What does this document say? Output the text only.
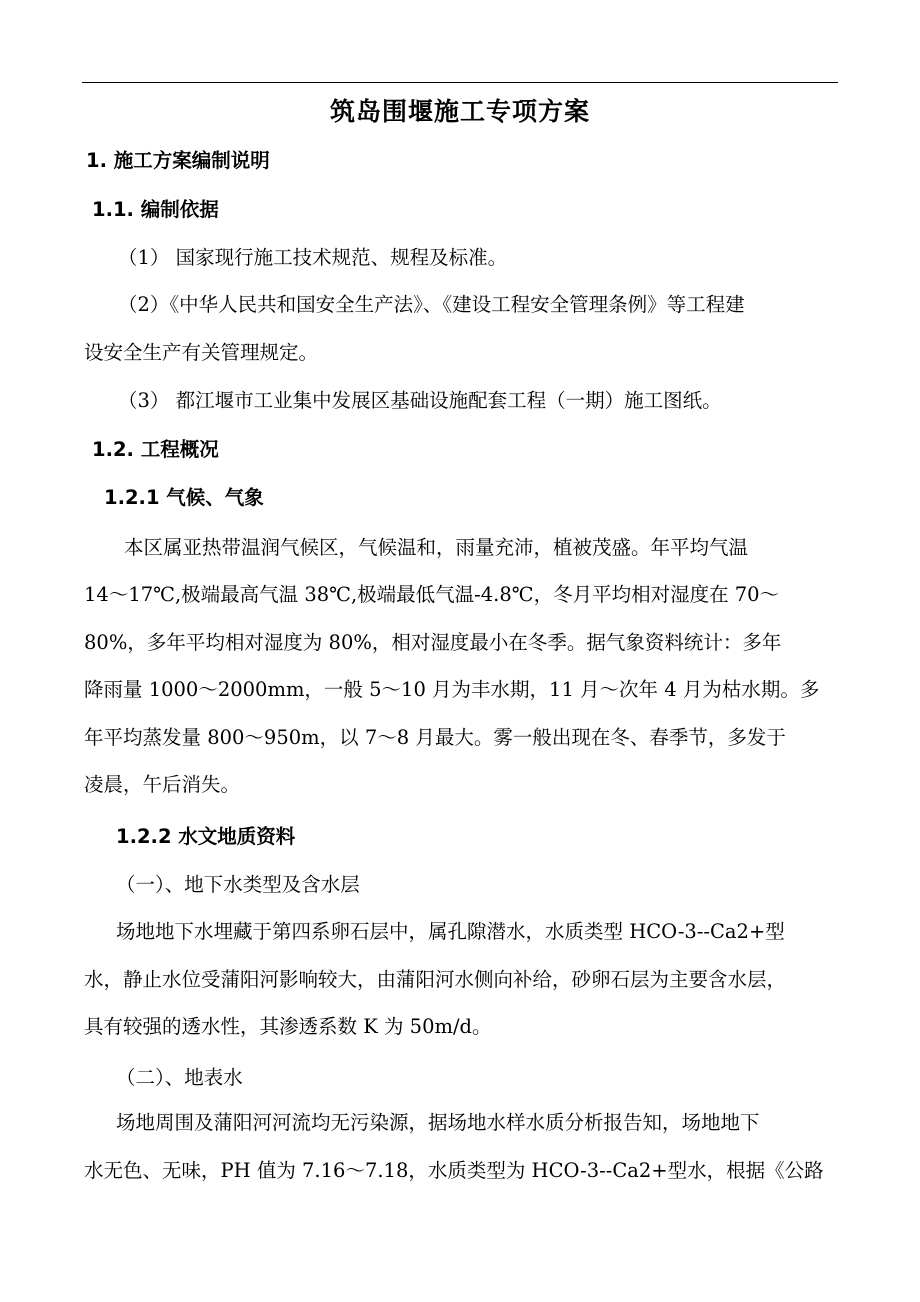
筑岛围堰施工专项方案
1. 施工方案编制说明
1.1. 编制依据
（1） 国家现行施工技术规范、规程及标准。
（2）《中华人民共和国安全生产法》、《建设工程安全管理条例》等工程建
设安全生产有关管理规定。
（3） 都江堰市工业集中发展区基础设施配套工程（一期）施工图纸。
1.2. 工程概况
1.2.1 气候、气象
本区属亚热带温润气候区，气候温和，雨量充沛，植被茂盛。年平均气温
14～17℃,极端最高气温 38℃,极端最低气温-4.8℃，冬月平均相对湿度在 70～
80%，多年平均相对湿度为 80%，相对湿度最小在冬季。据气象资料统计：多年
降雨量 1000～2000mm，一般 5～10 月为丰水期，11 月～次年 4 月为枯水期。多
年平均蒸发量 800～950m，以 7～8 月最大。雾一般出现在冬、春季节，多发于
凌晨，午后消失。
1.2.2 水文地质资料
（一）、地下水类型及含水层
场地地下水埋藏于第四系卵石层中，属孔隙潜水，水质类型 HCO-3--Ca2+型
水，静止水位受蒲阳河影响较大，由蒲阳河水侧向补给，砂卵石层为主要含水层，
具有较强的透水性，其渗透系数 K 为 50m/d。
（二）、地表水
场地周围及蒲阳河河流均无污染源，据场地水样水质分析报告知，场地地下
水无色、无味，PH 值为 7.16～7.18，水质类型为 HCO-3--Ca2+型水，根据《公路
